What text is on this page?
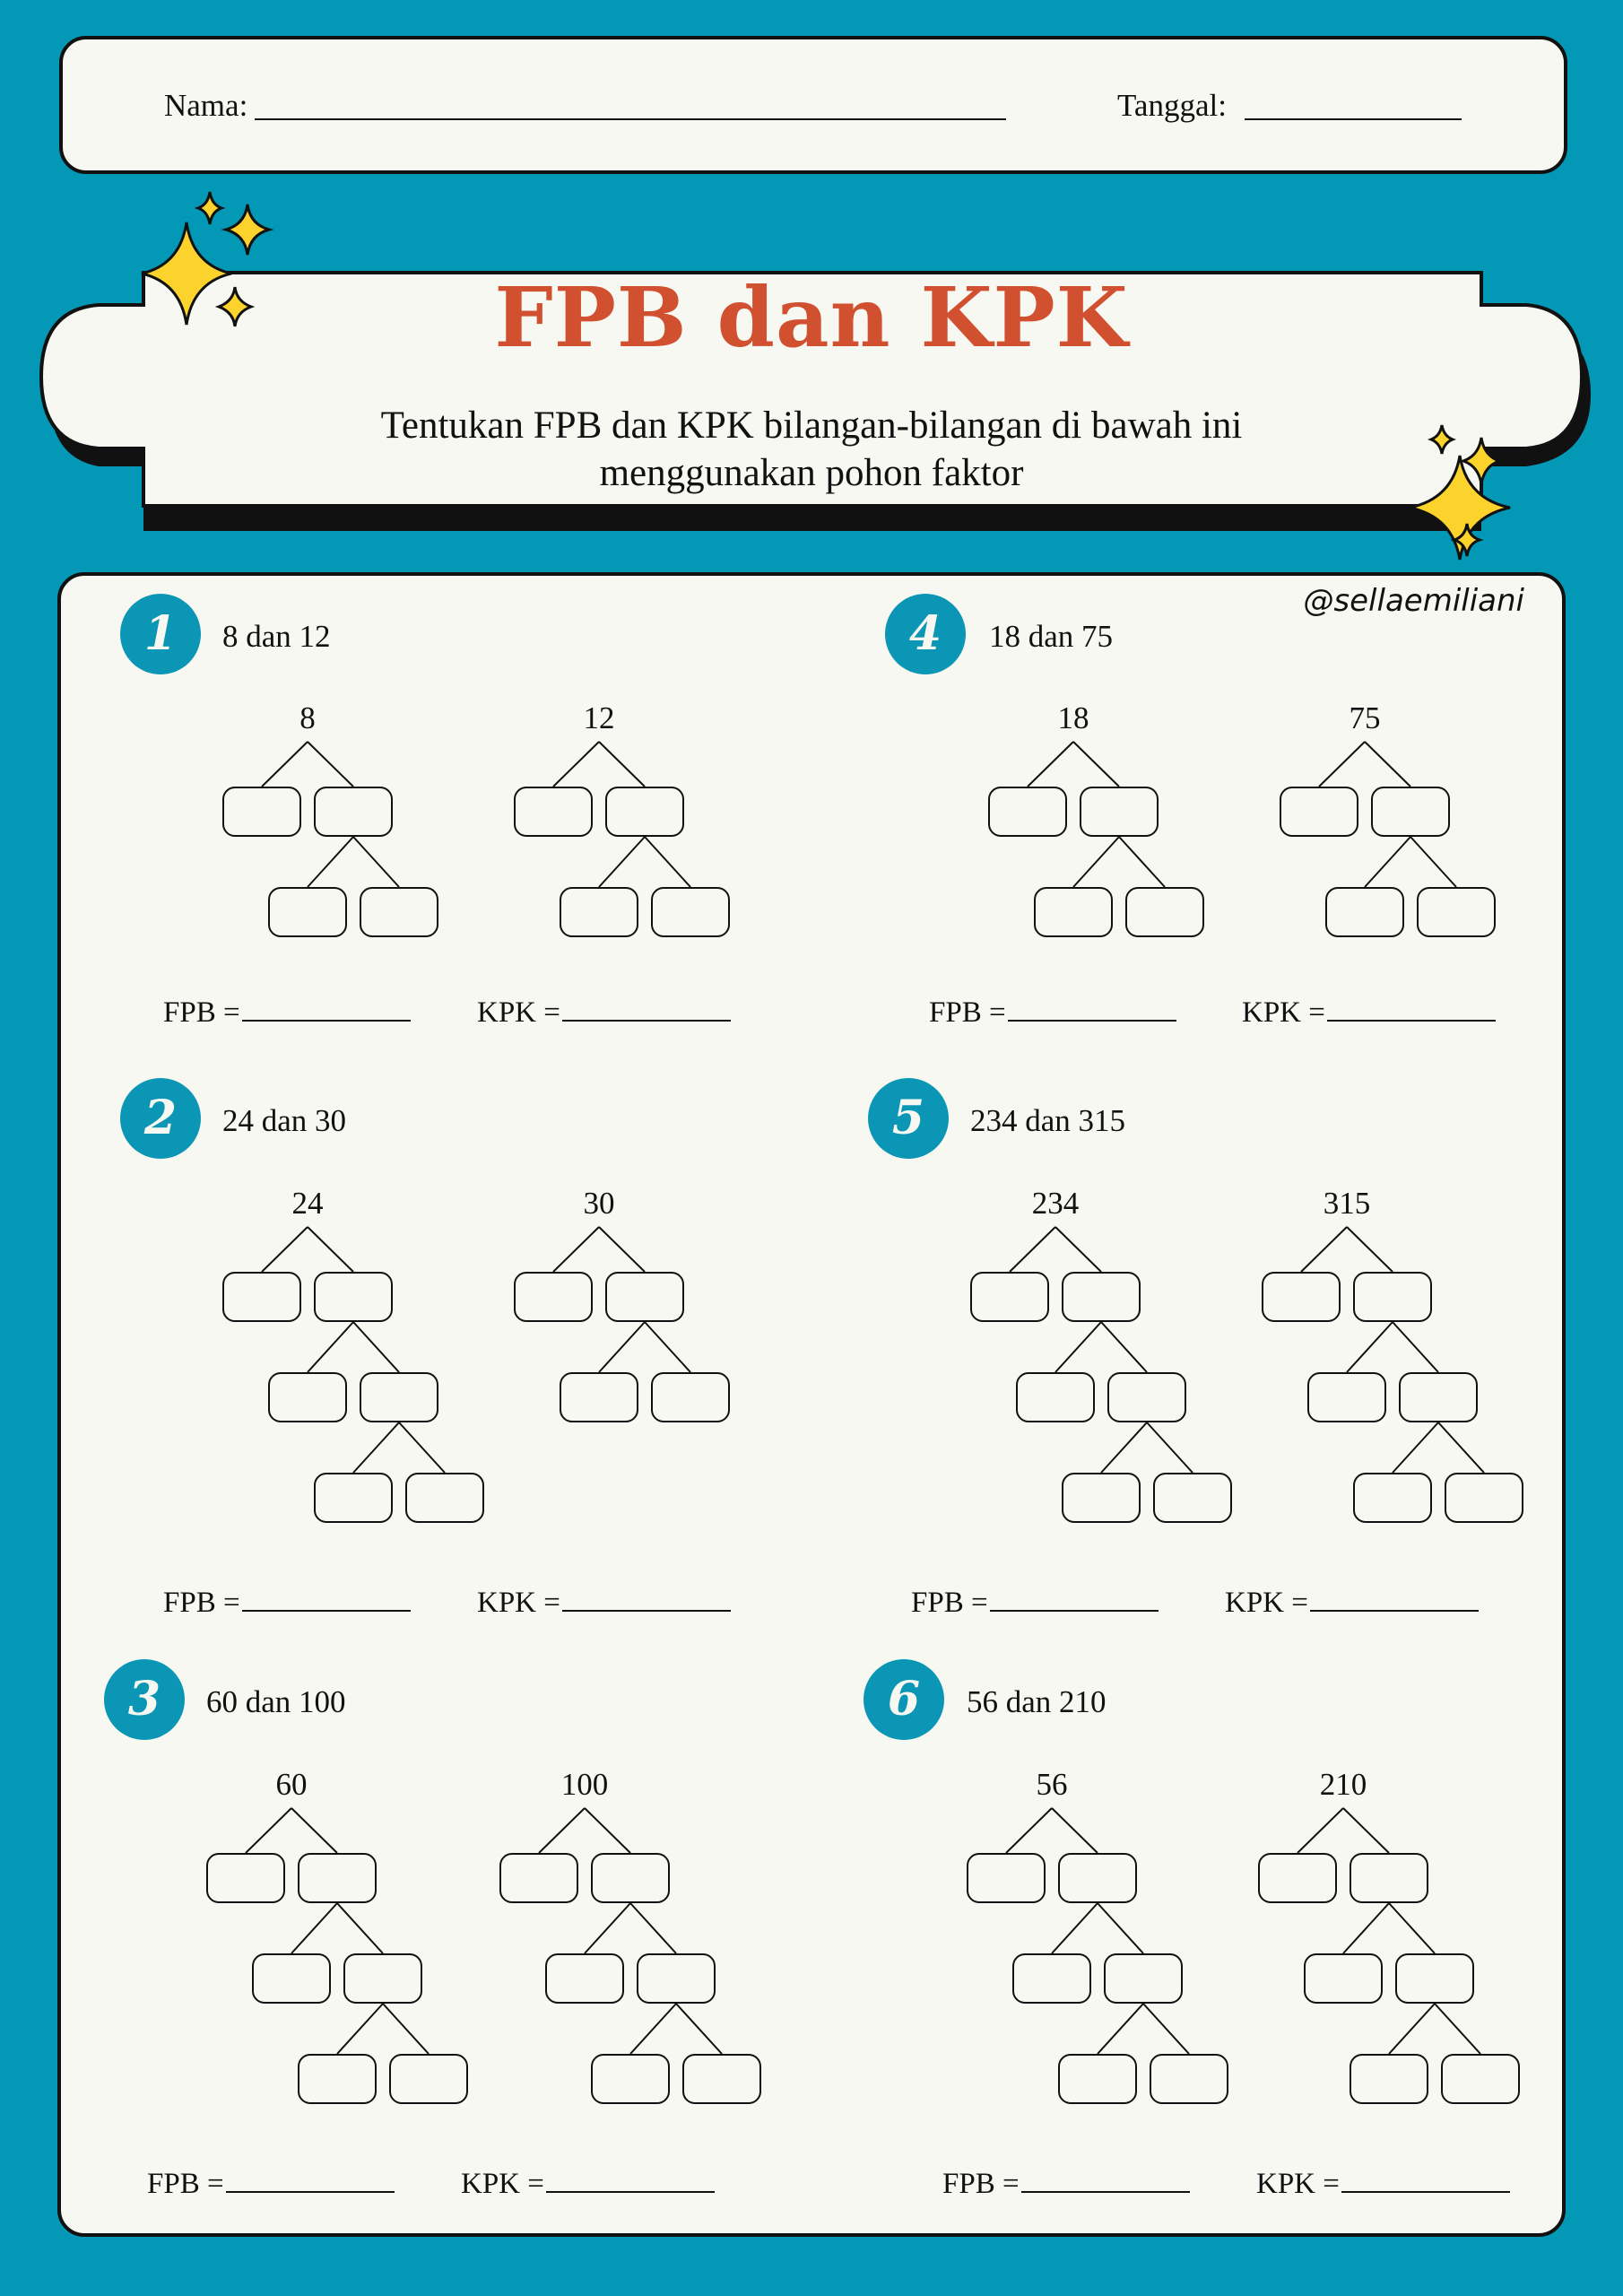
Nama:	Tanggal:
FPB dan KPK
Tentukan FPB dan KPK bilangan-bilangan di bawah ini
menggunakan pohon faktor
@sellaemiliani
1	8 dan 12
8	12
FPB =	KPK =
2	24 dan 30
24	30
FPB =	KPK =
3	60 dan 100
60	100
FPB =	KPK =
4	18 dan 75
18	75
FPB =	KPK =
5	234 dan 315
234	315
FPB =	KPK =
6	56 dan 210
56	210
FPB =	KPK =
